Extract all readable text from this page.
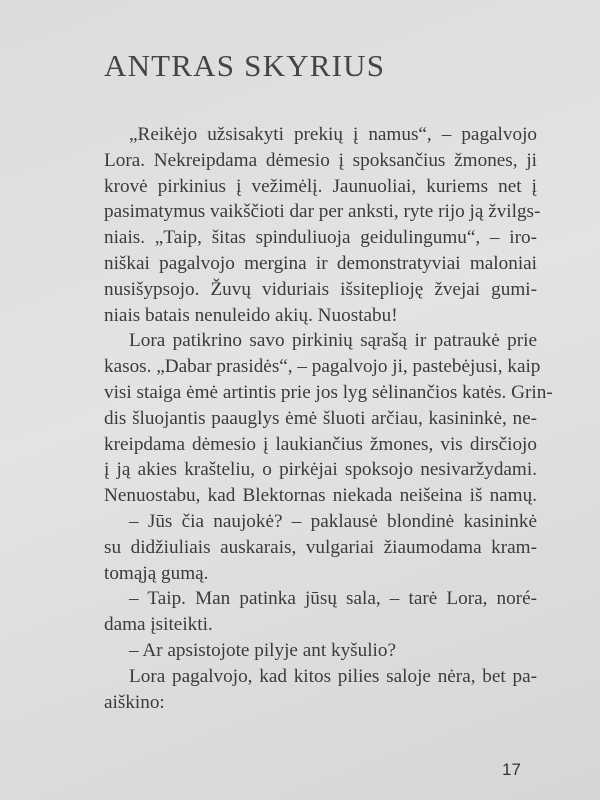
ANTRAS SKYRIUS
„Reikėjo užsisakyti prekių į namus“, – pagalvojo
Lora. Nekreipdama dėmesio į spoksančius žmones, ji
krovė pirkinius į vežimėlį. Jaunuoliai, kuriems net į
pasimatymus vaikščioti dar per anksti, ryte rijo ją žvilgs-
niais. „Taip, šitas spinduliuoja geidulingumu“, – iro-
niškai pagalvojo mergina ir demonstratyviai maloniai
nusišypsojo. Žuvų viduriais išsiteplioję žvejai gumi-
niais batais nenuleido akių. Nuostabu!
Lora patikrino savo pirkinių sąrašą ir patraukė prie
kasos. „Dabar prasidės“, – pagalvojo ji, pastebėjusi, kaip
visi staiga ėmė artintis prie jos lyg sėlinančios katės. Grin-
dis šluojantis paauglys ėmė šluoti arčiau, kasininkė, ne-
kreipdama dėmesio į laukiančius žmones, vis dirsčiojo
į ją akies krašteliu, o pirkėjai spoksojo nesivaržydami.
Nenuostabu, kad Blektornas niekada neišeina iš namų.
– Jūs čia naujokė? – paklausė blondinė kasininkė
su didžiuliais auskarais, vulgariai žiaumodama kram-
tomąją gumą.
– Taip. Man patinka jūsų sala, – tarė Lora, noré-
dama įsiteikti.
– Ar apsistojote pilyje ant kyšulio?
Lora pagalvojo, kad kitos pilies saloje nėra, bet pa-
aiškino:
17
